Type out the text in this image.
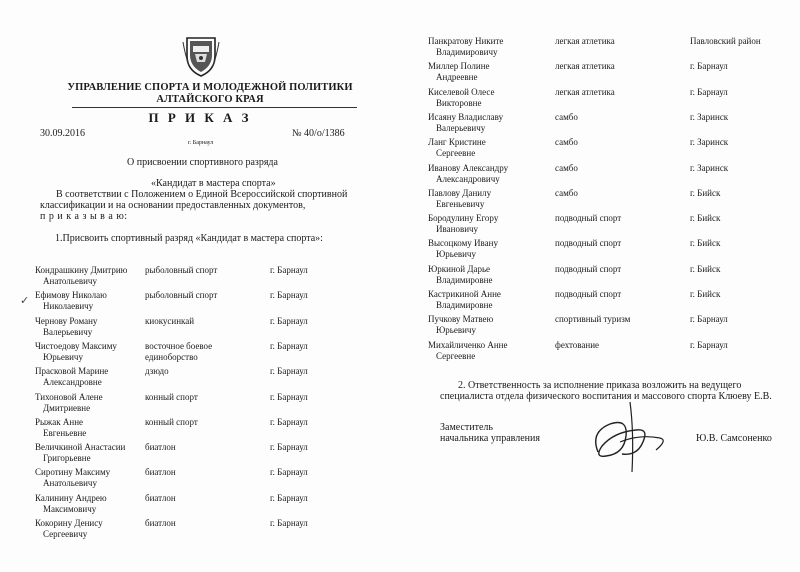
УПРАВЛЕНИЕ СПОРТА И МОЛОДЕЖНОЙ ПОЛИТИКИ
АЛТАЙСКОГО КРАЯ
П Р И К А З
30.09.2016
г. Барнаул
№ 40/о/1386
О присвоении спортивного разряда
«Кандидат в мастера спорта»
В соответствии с Положением о Единой Всероссийской спортивной
классификации и на основании предоставленных документов,
п р и к а з ы в а ю:
1.Присвоить спортивный разряд «Кандидат в мастера спорта»:
Кондрашкину Дмитрию
Анатольевичу
рыболовный спорт	г. Барнаул
Ефимову Николаю
Николаевичу
рыболовный спорт	г. Барнаул
Чернову Роману
Валерьевичу
киокусинкай	г. Барнаул
Чистоедову Максиму
Юрьевичу
восточное боевое
единоборство
г. Барнаул
Прасковой Марине
Александровне
дзюдо	г. Барнаул
Тихоновой Алене
Дмитриевне
конный спорт	г. Барнаул
Рыжак Анне
Евгеньевне
конный спорт	г. Барнаул
Величкиной Анастасии
Григорьевне
биатлон	г. Барнаул
Сиротину Максиму
Анатольевичу
биатлон	г. Барнаул
Калинину Андрею
Максимовичу
биатлон	г. Барнаул
Кокорину Денису
Сергеевичу
биатлон	г. Барнаул
✓
Панкратову Никите
Владимировичу
легкая атлетика	Павловский район
Миллер Полине
Андреевне
легкая атлетика	г. Барнаул
Киселевой Олесе
Викторовне
легкая атлетика	г. Барнаул
Исаяну Владиславу
Валерьевичу
самбо	г. Заринск
Ланг Кристине
Сергеевне
самбо	г. Заринск
Иванову Александру
Александровичу
самбо	г. Заринск
Павлову Данилу
Евгеньевичу
самбо	г. Бийск
Бородулину Егору
Ивановичу
подводный спорт	г. Бийск
Высоцкому Ивану
Юрьевичу
подводный спорт	г. Бийск
Юркиной Дарье
Владимировне
подводный спорт	г. Бийск
Кастрикиной Анне
Владимировне
подводный спорт	г. Бийск
Пучкову Матвею
Юрьевичу
спортивный туризм	г. Барнаул
Михайличенко Анне
Сергеевне
фехтование	г. Барнаул
2. Ответственность за исполнение приказа возложить на ведущего
специалиста отдела физического воспитания и массового спорта Клюеву Е.В.
Заместитель
начальника управления	Ю.В. Самсоненко
